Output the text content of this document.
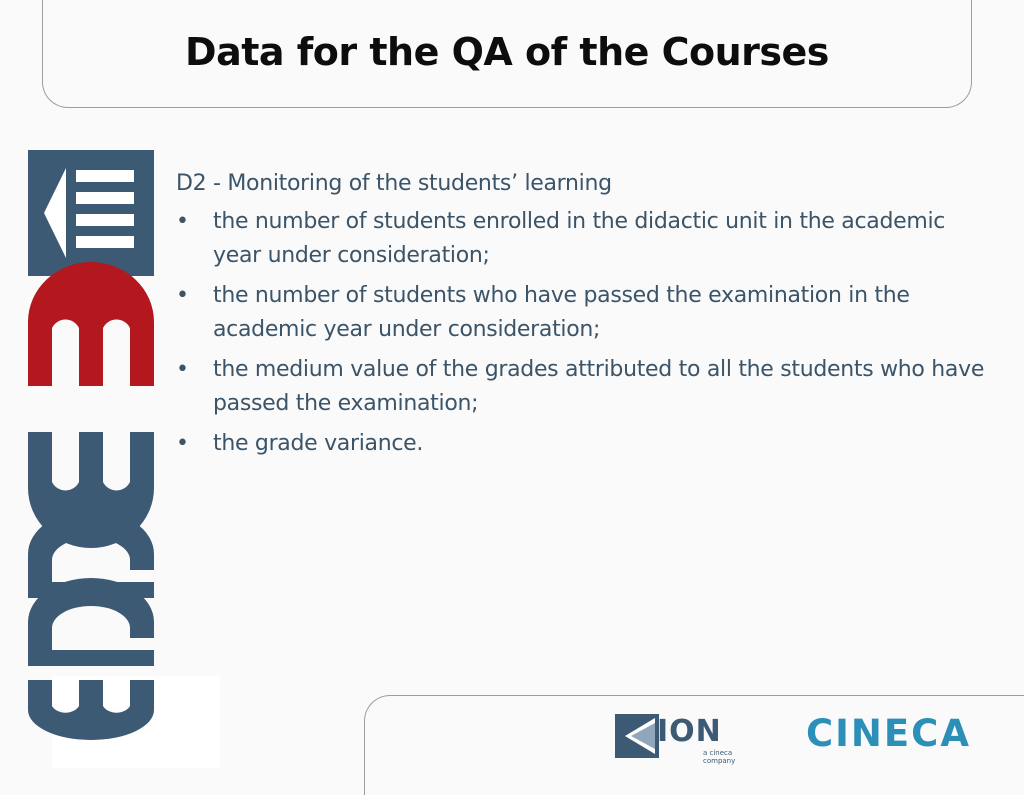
Data for the QA of the Courses
D2 - Monitoring of the students’ learning
• the number of students enrolled in the didactic unit in the academic year under consideration;
• the number of students who have passed the examination in the academic year under consideration;
• the medium value of the grades attributed to all the students who have passed the examination;
• the grade variance.
ION
a cineca company
CINECA
